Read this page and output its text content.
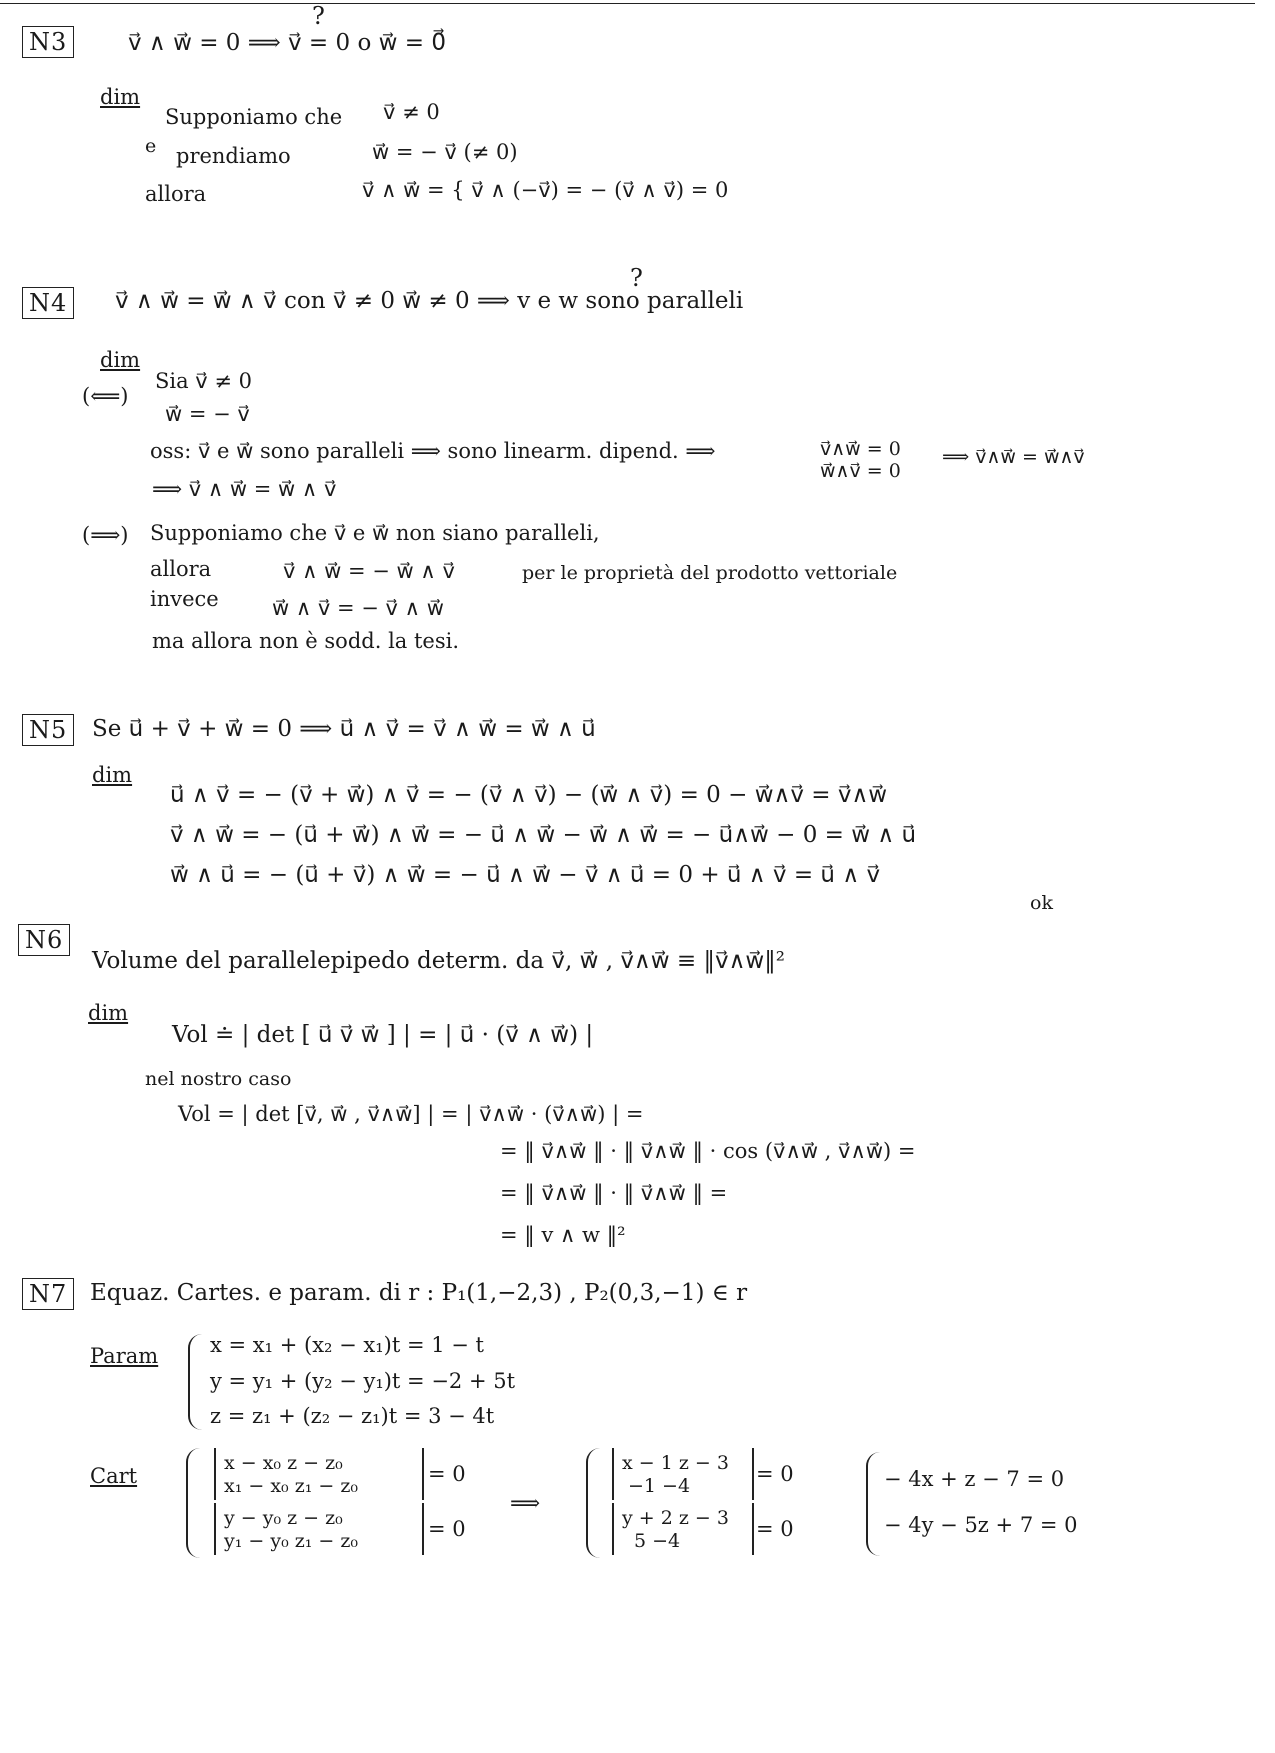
N3
?
v⃗ ∧ w⃗ = 0 ⟹ v⃗ = 0 o w⃗ = 0⃗
dim
Supponiamo che v⃗ ≠ 0
e prendiamo	w⃗ = − v⃗ (≠ 0)
allora	v⃗ ∧ w⃗ = { v⃗ ∧ (−v⃗) = − (v⃗ ∧ v⃗) = 0
N4
?
v⃗ ∧ w⃗ = w⃗ ∧ v⃗ con v⃗ ≠ 0 w⃗ ≠ 0 ⟹ v e w sono paralleli
dim
(⟸)
Sia v⃗ ≠ 0
w⃗ = − v⃗
oss: v⃗ e w⃗ sono paralleli ⟹ sono linearm. dipend. ⟹	v⃗∧w⃗ = 0
w⃗∧v⃗ = 0
⟹ v⃗∧w⃗ = w⃗∧v⃗
⟹ v⃗ ∧ w⃗ = w⃗ ∧ v⃗
(⟹) Supponiamo che v⃗ e w⃗ non siano paralleli,
allora	v⃗ ∧ w⃗ = − w⃗ ∧ v⃗	per le proprietà del prodotto vettoriale
invece	w⃗ ∧ v⃗ = − v⃗ ∧ w⃗
ma allora non è sodd. la tesi.
N5	Se u⃗ + v⃗ + w⃗ = 0 ⟹ u⃗ ∧ v⃗ = v⃗ ∧ w⃗ = w⃗ ∧ u⃗
dim
u⃗ ∧ v⃗ = − (v⃗ + w⃗) ∧ v⃗ = − (v⃗ ∧ v⃗) − (w⃗ ∧ v⃗) = 0 − w⃗∧v⃗ = v⃗∧w⃗
v⃗ ∧ w⃗ = − (u⃗ + w⃗) ∧ w⃗ = − u⃗ ∧ w⃗ − w⃗ ∧ w⃗ = − u⃗∧w⃗ − 0 = w⃗ ∧ u⃗
w⃗ ∧ u⃗ = − (u⃗ + v⃗) ∧ w⃗ = − u⃗ ∧ w⃗ − v⃗ ∧ u⃗ = 0 + u⃗ ∧ v⃗ = u⃗ ∧ v⃗
ok
N6
Volume del parallelepipedo determ. da v⃗, w⃗ , v⃗∧w⃗ ≡ ‖v⃗∧w⃗‖²
dim
Vol ≐ | det [ u⃗ v⃗ w⃗ ] | = | u⃗ · (v⃗ ∧ w⃗) |
nel nostro caso
Vol = | det [v⃗, w⃗ , v⃗∧w⃗] | = | v⃗∧w⃗ · (v⃗∧w⃗) | =
= ‖ v⃗∧w⃗ ‖ · ‖ v⃗∧w⃗ ‖ · cos (v⃗∧w⃗ , v⃗∧w⃗) =
= ‖ v⃗∧w⃗ ‖ · ‖ v⃗∧w⃗ ‖ =
= ‖ v ∧ w ‖²
N7 Equaz. Cartes. e param. di r : P₁(1,−2,3) , P₂(0,3,−1) ∈ r
Param x = x₁ + (x₂ − x₁)t = 1 − t
y = y₁ + (y₂ − y₁)t = −2 + 5t
z = z₁ + (z₂ − z₁)t = 3 − 4t
Cart
x − x₀ z − z₀
x₁ − x₀ z₁ − z₀	= 0
y − y₀ z − z₀
y₁ − y₀ z₁ − z₀	= 0
⟹
x − 1 z − 3
−1 −4	= 0
y + 2 z − 3
5 −4	= 0
− 4x + z − 7 = 0
− 4y − 5z + 7 = 0
